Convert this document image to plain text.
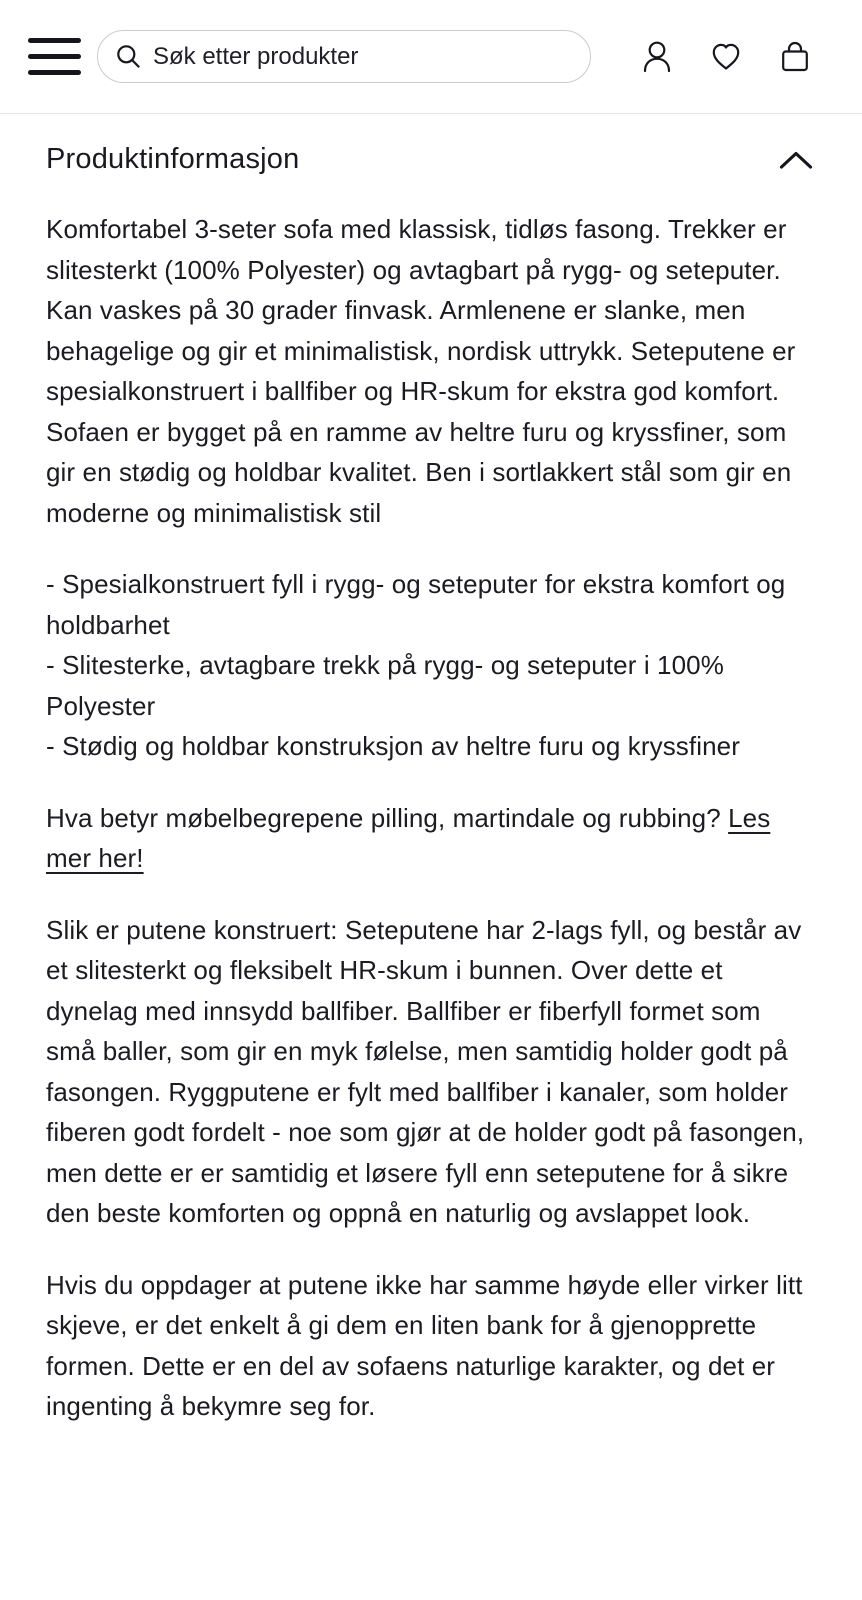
Søk etter produkter
Produktinformasjon

Komfortabel 3-seter sofa med klassisk, tidløs fasong. Trekker er slitesterkt (100% Polyester) og avtagbart på rygg- og seteputer. Kan vaskes på 30 grader finvask. Armlenene er slanke, men behagelige og gir et minimalistisk, nordisk uttrykk. Seteputene er spesialkonstruert i ballfiber og HR-skum for ekstra god komfort. Sofaen er bygget på en ramme av heltre furu og kryssfiner, som gir en stødig og holdbar kvalitet. Ben i sortlakkert stål som gir en moderne og minimalistisk stil

- Spesialkonstruert fyll i rygg- og seteputer for ekstra komfort og holdbarhet
- Slitesterke, avtagbare trekk på rygg- og seteputer i 100% Polyester
- Stødig og holdbar konstruksjon av heltre furu og kryssfiner

Hva betyr møbelbegrepene pilling, martindale og rubbing? Les mer her!

Slik er putene konstruert: Seteputene har 2-lags fyll, og består av et slitesterkt og fleksibelt HR-skum i bunnen. Over dette et dynelag med innsydd ballfiber. Ballfiber er fiberfyll formet som små baller, som gir en myk følelse, men samtidig holder godt på fasongen. Ryggputene er fylt med ballfiber i kanaler, som holder fiberen godt fordelt - noe som gjør at de holder godt på fasongen, men dette er er samtidig et løsere fyll enn seteputene for å sikre den beste komforten og oppnå en naturlig og avslappet look.

Hvis du oppdager at putene ikke har samme høyde eller virker litt skjeve, er det enkelt å gi dem en liten bank for å gjenopprette formen. Dette er en del av sofaens naturlige karakter, og det er ingenting å bekymre seg for.
